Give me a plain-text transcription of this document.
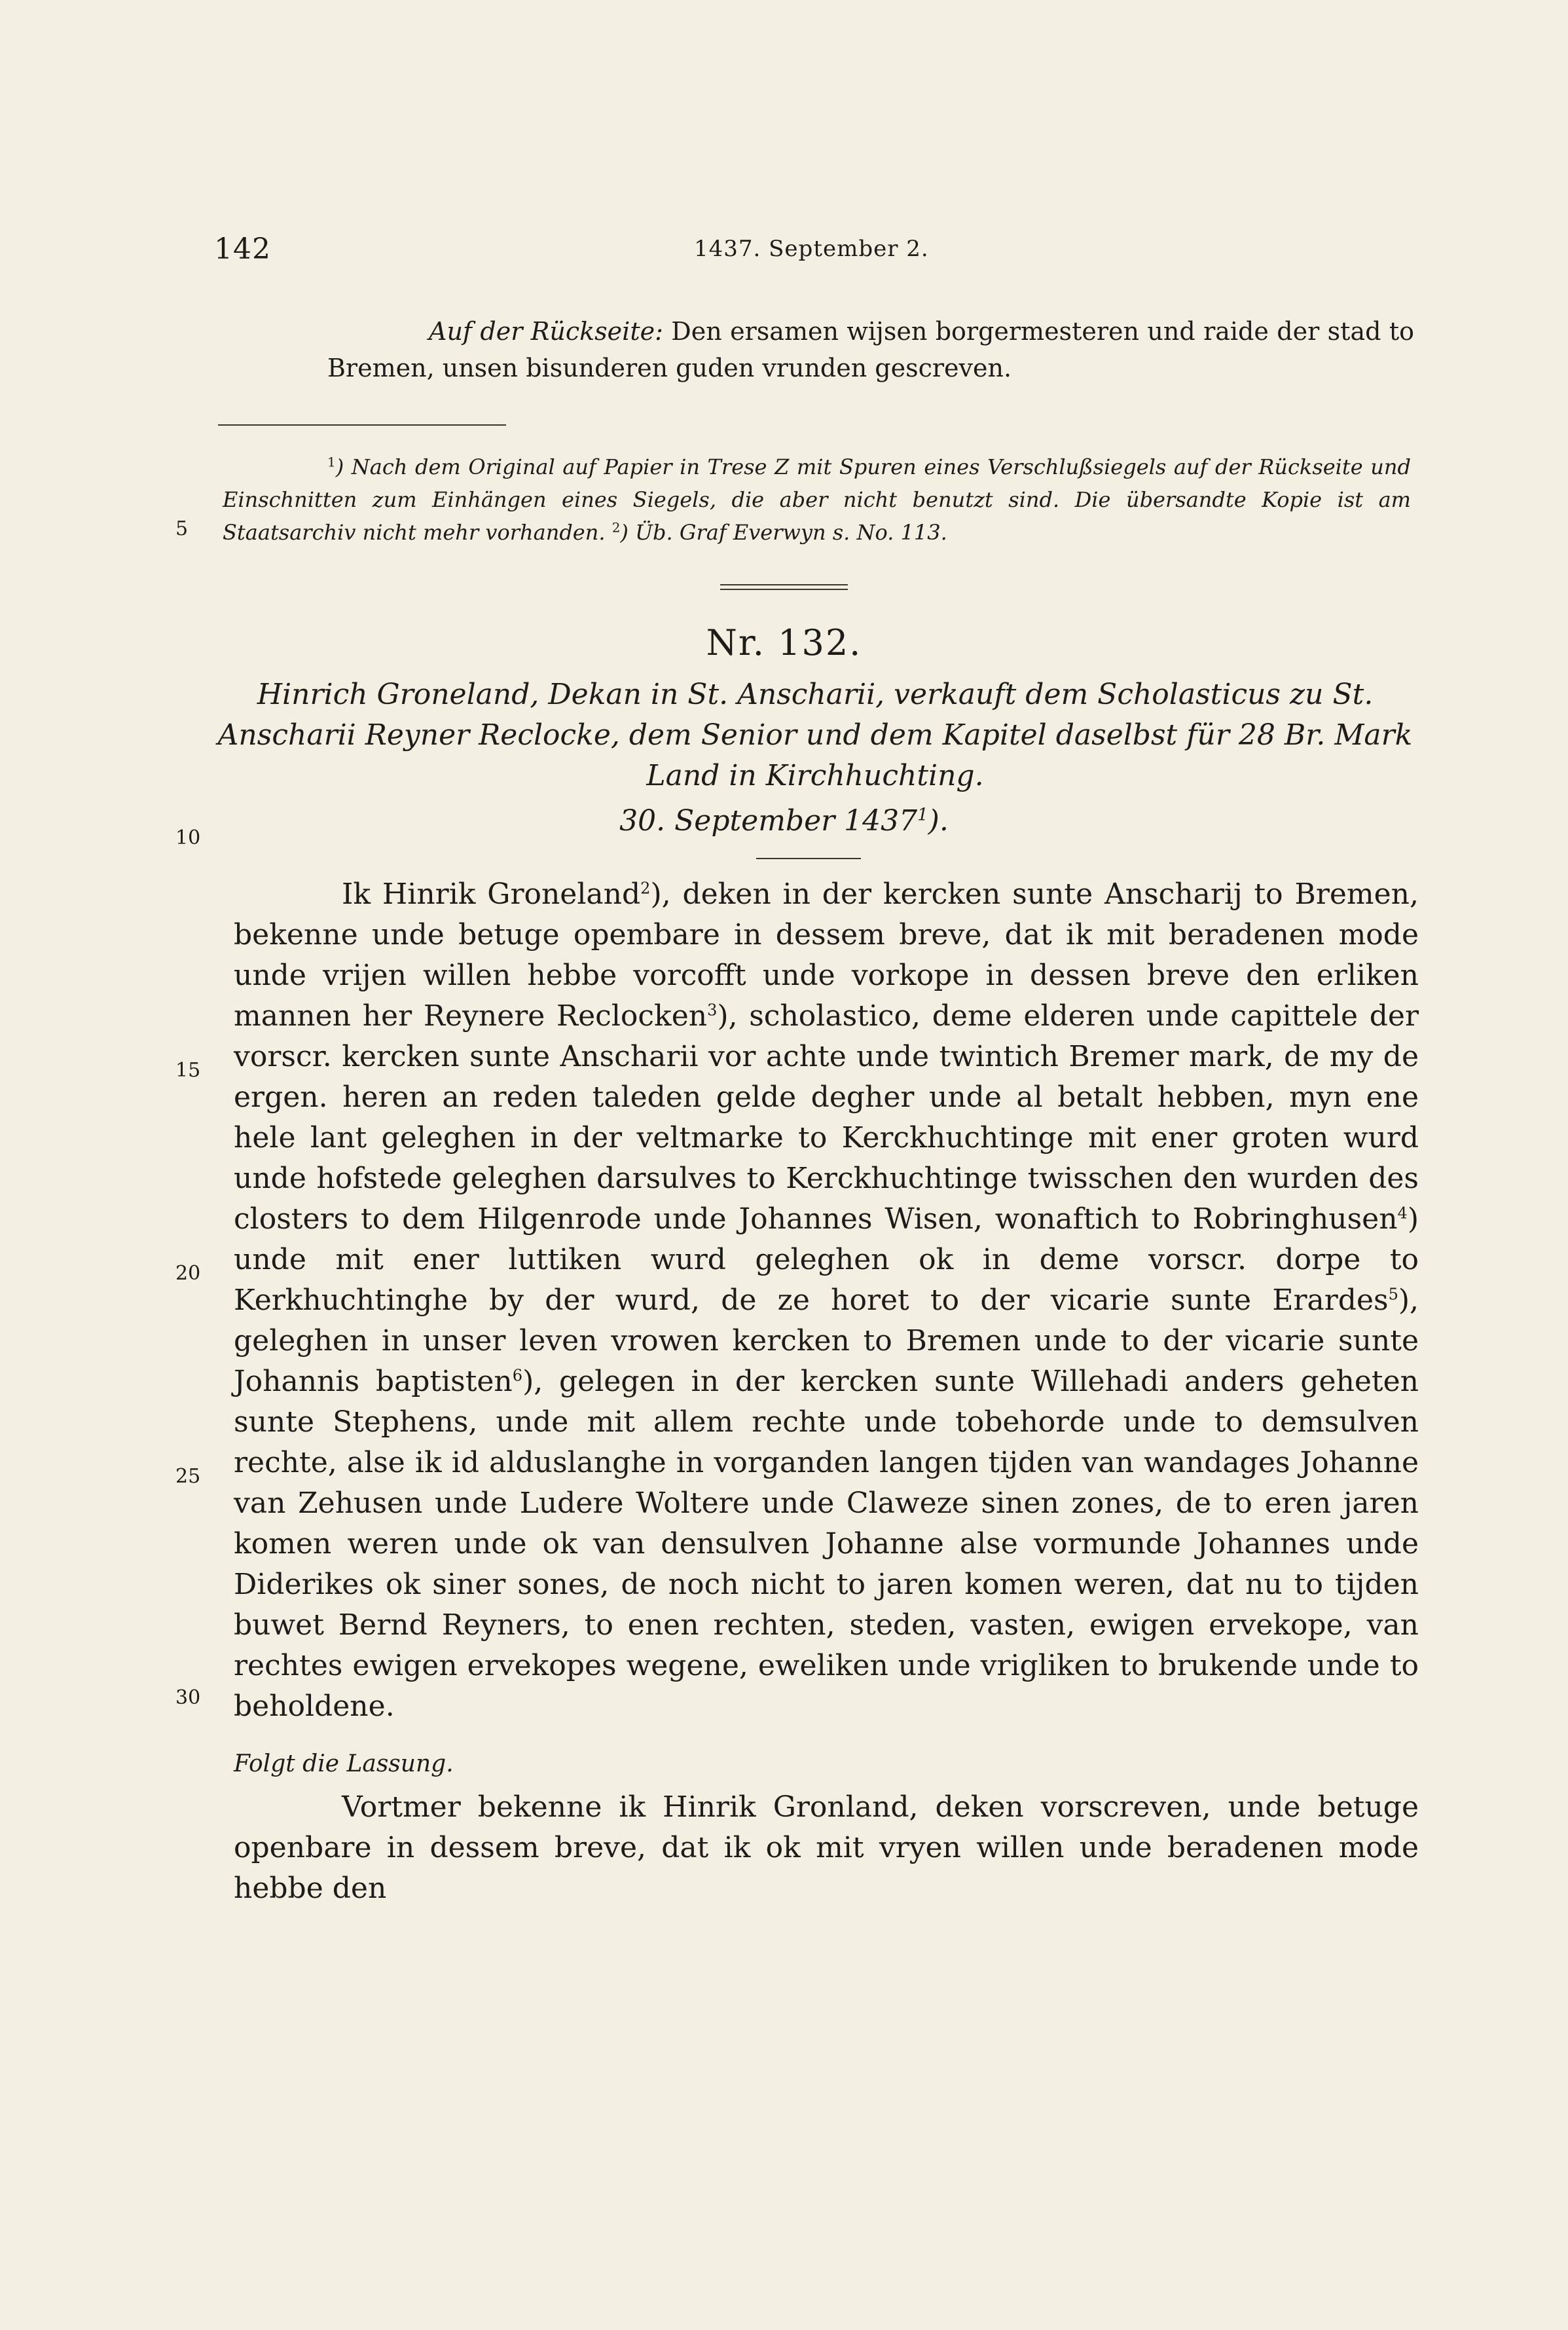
142	1437. September 2.

Auf der Rückseite: Den ersamen wijsen borgermesteren und raide der stad to Bremen, unsen bisunderen guden vrunden gescreven.

$^1$) Nach dem Original auf Papier in Trese Z mit Spuren eines Verschlußsiegels auf der Rückseite und Einschnitten zum Einhängen eines Siegels, die aber nicht benutzt sind. Die übersandte Kopie ist am Staatsarchiv nicht mehr vorhanden. $^2$) Üb. Graf Everwyn s. No. 113.

5
10
15
20
25
30
Nr. 132.

Hinrich Groneland, Dekan in St. Anscharii, verkauft dem Scholasticus zu St. Anscharii Reyner Reclocke, dem Senior und dem Kapitel daselbst für 28 Br. Mark Land in Kirchhuchting.

30. September 1437$^1$).

Ik Hinrik Groneland$^2$), deken in der kercken sunte Anscharij to Bremen, bekenne unde betuge opembare in dessem breve, dat ik mit beradenen mode unde vrijen willen hebbe vorcofft unde vorkope in dessen breve den erliken mannen her Reynere Reclocken$^3$), scholastico, deme elderen unde capittele der vorscr. kercken sunte Anscharii vor achte unde twintich Bremer mark, de my de ergen. heren an reden taleden gelde degher unde al betalt hebben, myn ene hele lant geleghen in der veltmarke to Kerckhuchtinge mit ener groten wurd unde hofstede geleghen darsulves to Kerckhuchtinge twisschen den wurden des closters to dem Hilgenrode unde Johannes Wisen, wonaftich to Robringhusen$^4$) unde mit ener luttiken wurd geleghen ok in deme vorscr. dorpe to Kerkhuchtinghe by der wurd, de ze horet to der vicarie sunte Erardes$^5$), geleghen in unser leven vrowen kercken to Bremen unde to der vicarie sunte Johannis baptisten$^6$), gelegen in der kercken sunte Willehadi anders geheten sunte Stephens, unde mit allem rechte unde tobehorde unde to demsulven rechte, alse ik id alduslanghe in vorganden langen tijden van wandages Johanne van Zehusen unde Ludere Woltere unde Claweze sinen zones, de to eren jaren komen weren unde ok van densulven Johanne alse vormunde Johannes unde Diderikes ok siner sones, de noch nicht to jaren komen weren, dat nu to tijden buwet Bernd Reyners, to enen rechten, steden, vasten, ewigen ervekope, van rechtes ewigen ervekopes wegene, eweliken unde vrigliken to brukende unde to beholdene.

Folgt die Lassung.

Vortmer bekenne ik Hinrik Gronland, deken vorscreven, unde betuge openbare in dessem breve, dat ik ok mit vryen willen unde beradenen mode hebbe den
